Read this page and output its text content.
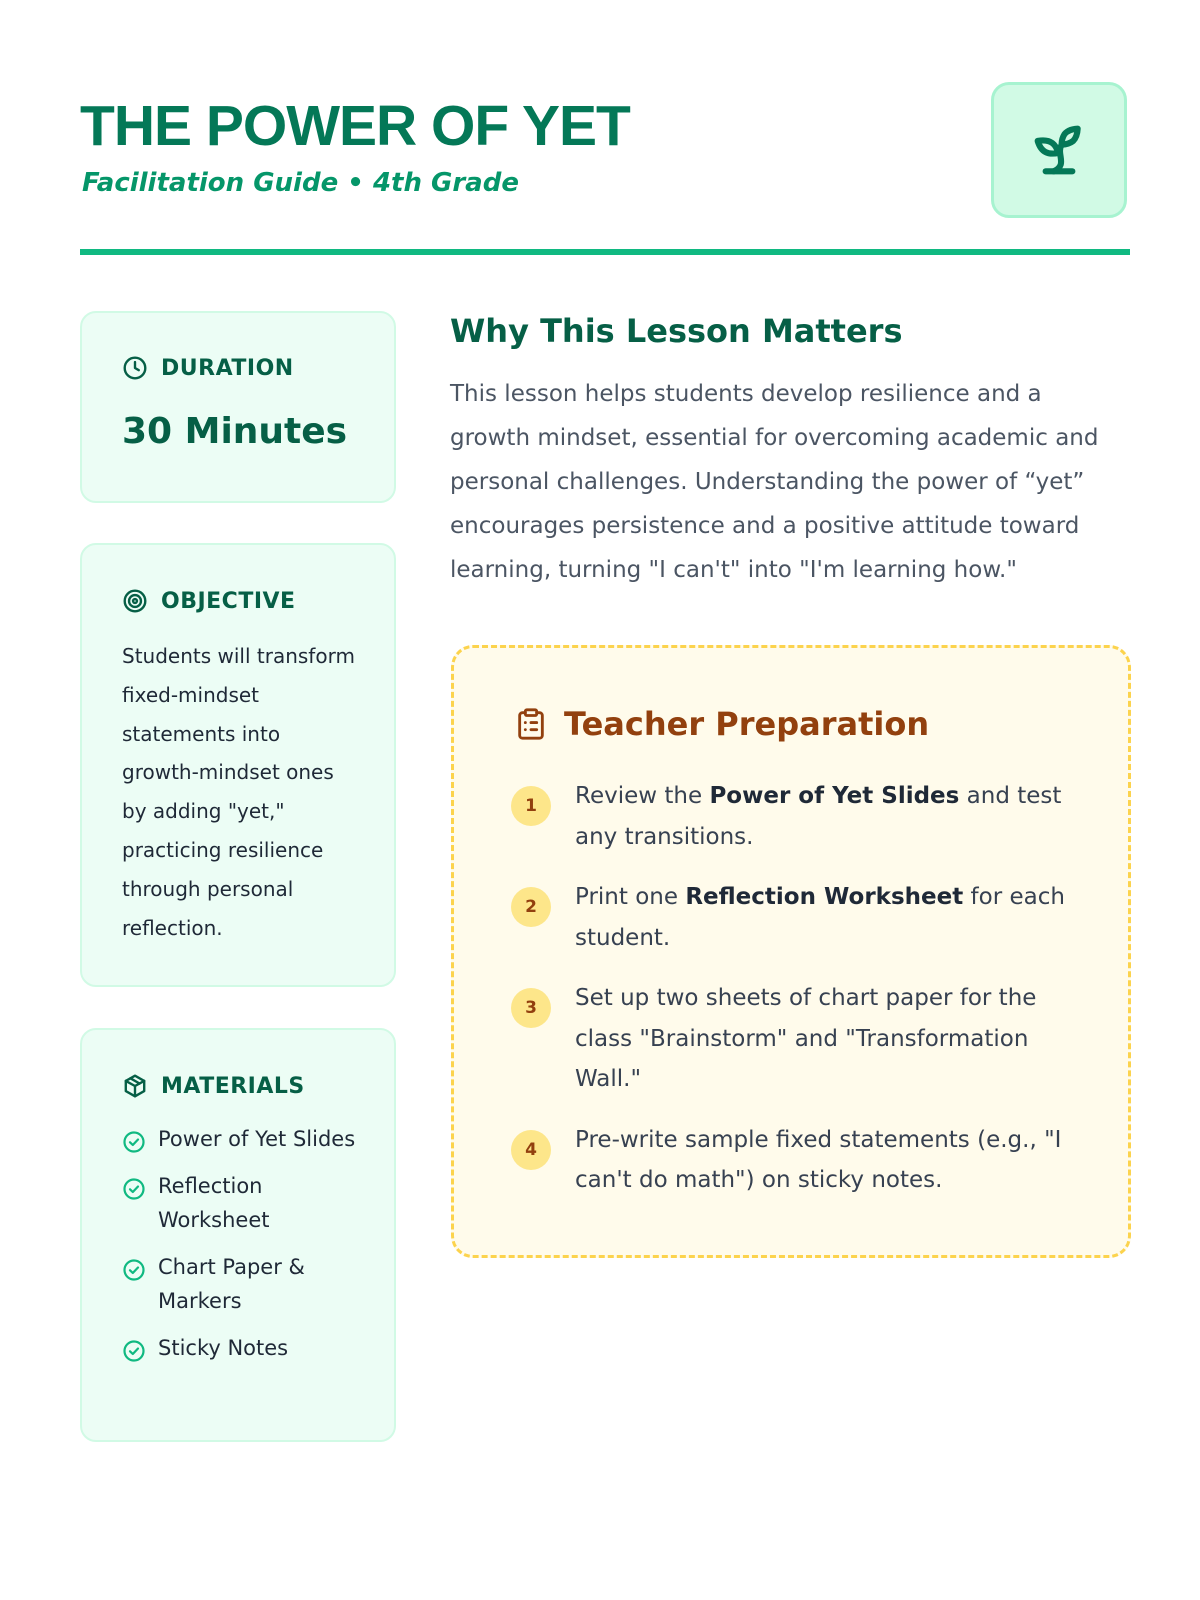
THE POWER OF YET
Facilitation Guide • 4th Grade
DURATION
30 Minutes
OBJECTIVE
Students will transform fixed-mindset statements into growth-mindset ones by adding "yet," practicing resilience through personal reflection.
MATERIALS
Power of Yet Slides
Reflection Worksheet
Chart Paper & Markers
Sticky Notes
Why This Lesson Matters
This lesson helps students develop resilience and a growth mindset, essential for overcoming academic and personal challenges. Understanding the power of “yet” encourages persistence and a positive attitude toward learning, turning "I can't" into "I'm learning how."
Teacher Preparation
1	Review the Power of Yet Slides and test any transitions.
2	Print one Reflection Worksheet for each student.
3	Set up two sheets of chart paper for the class "Brainstorm" and "Transformation Wall."
4	Pre-write sample fixed statements (e.g., "I can't do math") on sticky notes.
